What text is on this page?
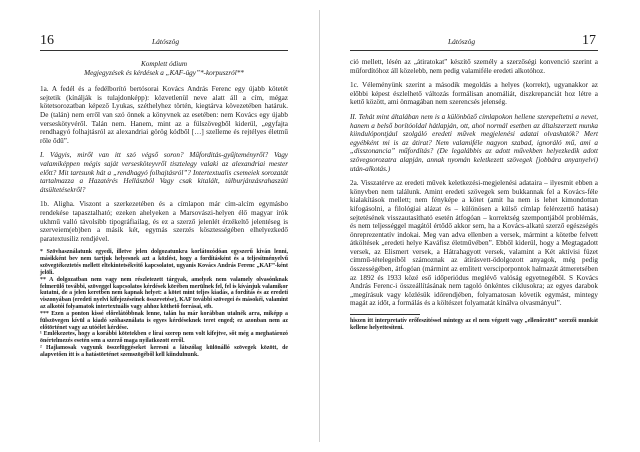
16	Látószög

Komplett ódium

Megjegyzések és kérdések a „KAF-ügy”*-korpuszról**

1a. A fedél és a fedélborító bertósorai Kovács András Ferenc egy újabb kötetét sejtetik (kínálják is tulajdonképp): közvetlenül neve alatt áll a cím, mégaz kötetsorozatban képező Lyukas, széthelyhez történ, kiegtárva kövezetében határuk. De (talán) nem erről van szó önnek a könyvnek az esetében: nem Kovács egy újabb verseskötyvéről. Talán nem. Hanem, mint az a fülszövegből kiderül, „egyfajta rendhagyó folhajtásról az alexandriai görög kódből […] szelleme és rejtélyes életmű rőle ődű”.

I. Vágyis, miről van itt szó végső soron? Műforditás-gyűjteményről? Vagy valamiképpen mégis saját versesköteyvről tisztelegy valaki az alexandriai mester előtt? Mit tartsunk hát a „rendhagyó folhajtásról”? Intertextualis csemeiek sorozatát tartalmazza a Hazatérés Hellászból Vagy csak kitalált, túlburjánzásrahaszúti átsültetésekről?

1b. Aligha. Viszont a szerkezetében és a címlapon már cím-alcím egymásbo rendekése tapasztalható; ezeken ahelyeken a Marsovászi-helyen élő magyar írók ukhmű valló távolsibb tipográfiailag, és ez a szerző jelenlét érzékeltő jelentéseg is szerveiem(eb)ben a másik két, egymás szerzés kösztességében elhelyezkedő paratextusiliz rendjével.

* Szövhasználatunk egyedi, illetve jelen dolgozatunkra korlátozódóan egyszerű kiván lenni, másikként bev nem tartjuk helyesnek azt a közlést, hogy a fordításként és a teljesítményelvű szövegtékeztetés mellett eltekintetsékvitő kapcsolatot, ugyanis Kovács András Ferenc „KAF”-ként jelöli.

** A dolgozatban nem vagy nem részletezett tárgyak, amelyek nem valamely olvasónknak felmerülő további, szöveggel kapcsolatos kérdések körében merülnek fel, fel is kívánjuk valamikor kutatni, de a jelen keretben nem kapnak helyet: a kötet mint teljes kiadás, a fordítás és az eredeti viszonyában (eredeti nyelvi kifejezéseinek összevetése), KAF további szövegei és másokéi, valamint az alkotói folyamatok intertextuális vagy ahhoz köthető forrásai, stb.

*** Ezen a ponton kissé előrelátóbbnak lenne, talán ha már korábban utalnék arra, miképp a fülszövegen kívül a kiadó szóhasználata is egyes kérdéseknek teret enged; ez azonban nem az előtörténet vagy az utóélet kérdése.

¹ Emlékezetes, hogy a korábbi kötetekben e lírai szerep nem volt kifejtve, sőt még a meghatározó önértelmezés esetén sem a szerző maga nyilatkozott erről.

² Hajlamosak vagyunk összefüggéseket keresni a látszólag különálló szövegek között, de alapvetően itt is a hatástörténet szemszögéből kell kiindulnunk.

Látószög	17

ció mellett, lésén az „átiratokat” készítő személy a szerzőségi konvenció szerint a műfordítóhoz áll közelebb, nem pedig valamiféle eredeti alkotóhoz.

1c. Véleményünk szerint a második megoldás a helyes (korrekt), ugyanakkor az előbbi képest észlelhető változás formálisan anomáliát, diszkrepanciát hoz létre a kettő között, ami önmagában nem szerencsés jelenség.

II. Tehát mint általában nem is a különböző címlapokon hellene szerepeltetni a nevet, hanem a belső borítóoldal hátlapján, ott, ahol normál esetben az általszerzett munka kiindulópontjául szolgáló eredeti művek megjelenési adatai olvashatók? Mert egyébként mi is az átirat? Nem valamiféle nagyon szabad, ignoráló mű, ami a „disszonancia” műfordítás? (De legalábbis az adott művekben helyezkedik adott szövegsorozatra alapján, annak nyomán keletkezett szövegek [jobbára anyanyelvi) után-alkotás.)

2a. Visszatérve az eredeti művek keletkezési-megjelenési adataira – ilyesmit ebben a könyvben nem találunk. Amint eredeti szövegek sem bukkannak fel a Kovács-féle kialakítások mellett; nem fényképe a kötet (amit ha nem is lehet kimondottan kifogásolni, a filológiai alázat és – különösen a külső címlap felérezettő hatása) sejtetésének visszautasítható esetén átfogóan – korrektség szempontjából problémás, és nem teljességgel magától értődő akkor sem, ha a Kovács-alkatú szerző egészségés önreprezentatív indokai. Meg van adva ellenben a versek, mármint a kötetbe felvett átköltések „eredeti helye Kaváfisz életművében”. Ebből kiderül, hogy a Megtagadott versek, az Elismert versek, a Hátrahagyott versek, valamint a Két aktívisi füzet címmű-tételegeiből számoznak az átírásvett-ödolgozott anyagok, még pedig összességében, átfogóan (mármint az említett versciporpontok halmazát átmeretsében az 1892 és 1933 közé eső időperiódus meglévő valóság egyetnegéből. S Kovács András Ferenc-i összeállításának nem tagoló önkéntes ciklusokra; az egyes darabok „megírásuk vagy közlésük időrendjében, folyamatosan követik egymást, mintegy magát az időt, a formálás és a költészet folyamatát kínálva olvasmányul”.

hiszen itt interpretatív erőfeszítéssel mintegy az el nem végzett vagy „ellenőrzött” szerzői munkát kellene helyettesíteni.
